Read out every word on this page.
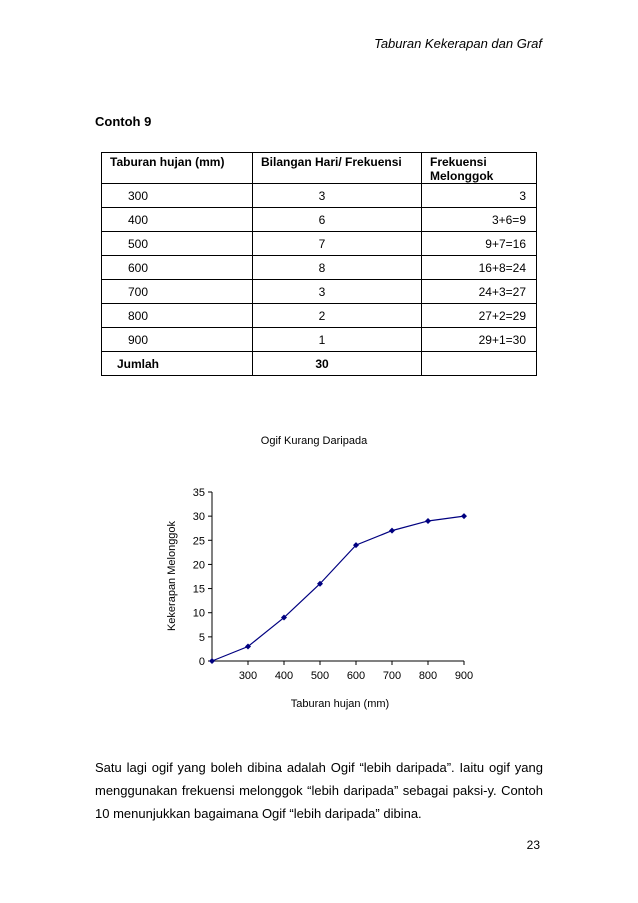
Taburan Kekerapan dan Graf
Contoh 9
Taburan hujan (mm)	Bilangan Hari/ Frekuensi	Frekuensi Melonggok
300	3	3
400	6	3+6=9
500	7	9+7=16
600	8	16+8=24
700	3	24+3=27
800	2	27+2=29
900	1	29+1=30
Jumlah	30	
Ogif Kurang Daripada
Kekerapan Melonggok
Taburan hujan (mm)
0
5
10
15
20
25
30
35
300 400 500 600 700 800 900

Satu lagi ogif yang boleh dibina adalah Ogif “lebih daripada”. Iaitu ogif yang menggunakan frekuensi melonggok “lebih daripada” sebagai paksi-y. Contoh 10 menunjukkan bagaimana Ogif “lebih daripada” dibina.

23
